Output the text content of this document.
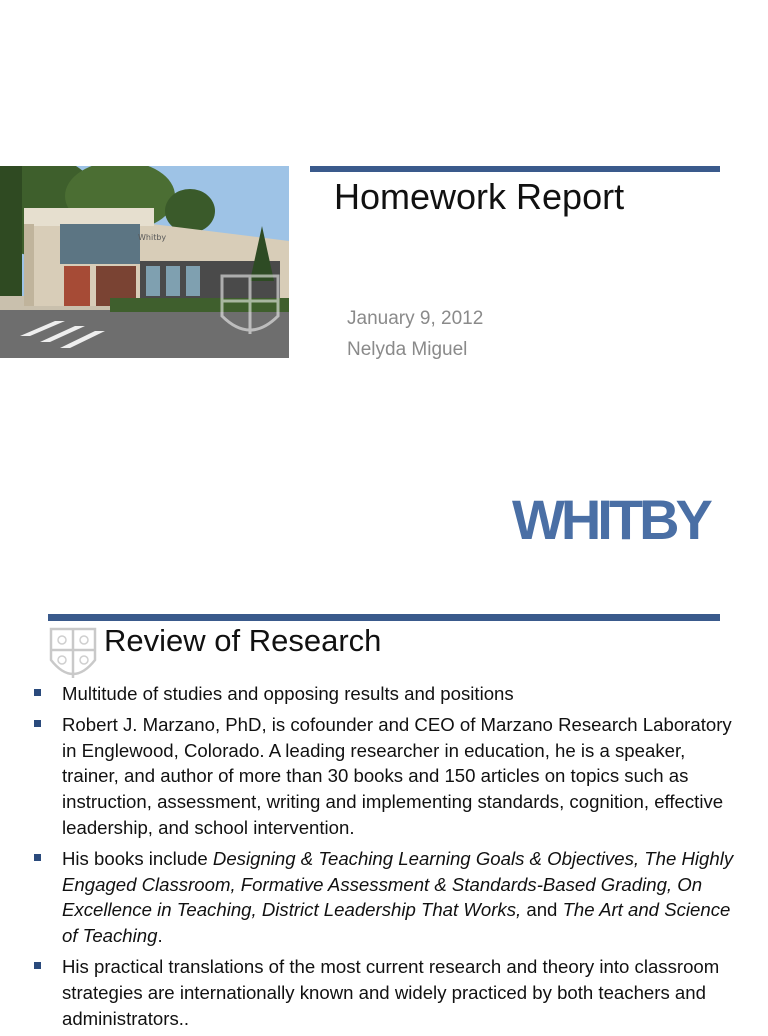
Whitby
Homework Report
January 9, 2012
Nelyda Miguel
WHITBY
Review of Research
Multitude of studies and opposing results and positions
Robert J. Marzano, PhD, is cofounder and CEO of Marzano Research Laboratory in Englewood, Colorado. A leading researcher in education, he is a speaker, trainer, and author of more than 30 books and 150 articles on topics such as instruction, assessment, writing and implementing standards, cognition, effective leadership, and school intervention.
His books include Designing & Teaching Learning Goals & Objectives, The Highly Engaged Classroom, Formative Assessment & Standards-Based Grading, On Excellence in Teaching, District Leadership That Works, and The Art and Science of Teaching.
His practical translations of the most current research and theory into classroom strategies are internationally known and widely practiced by both teachers and administrators..
